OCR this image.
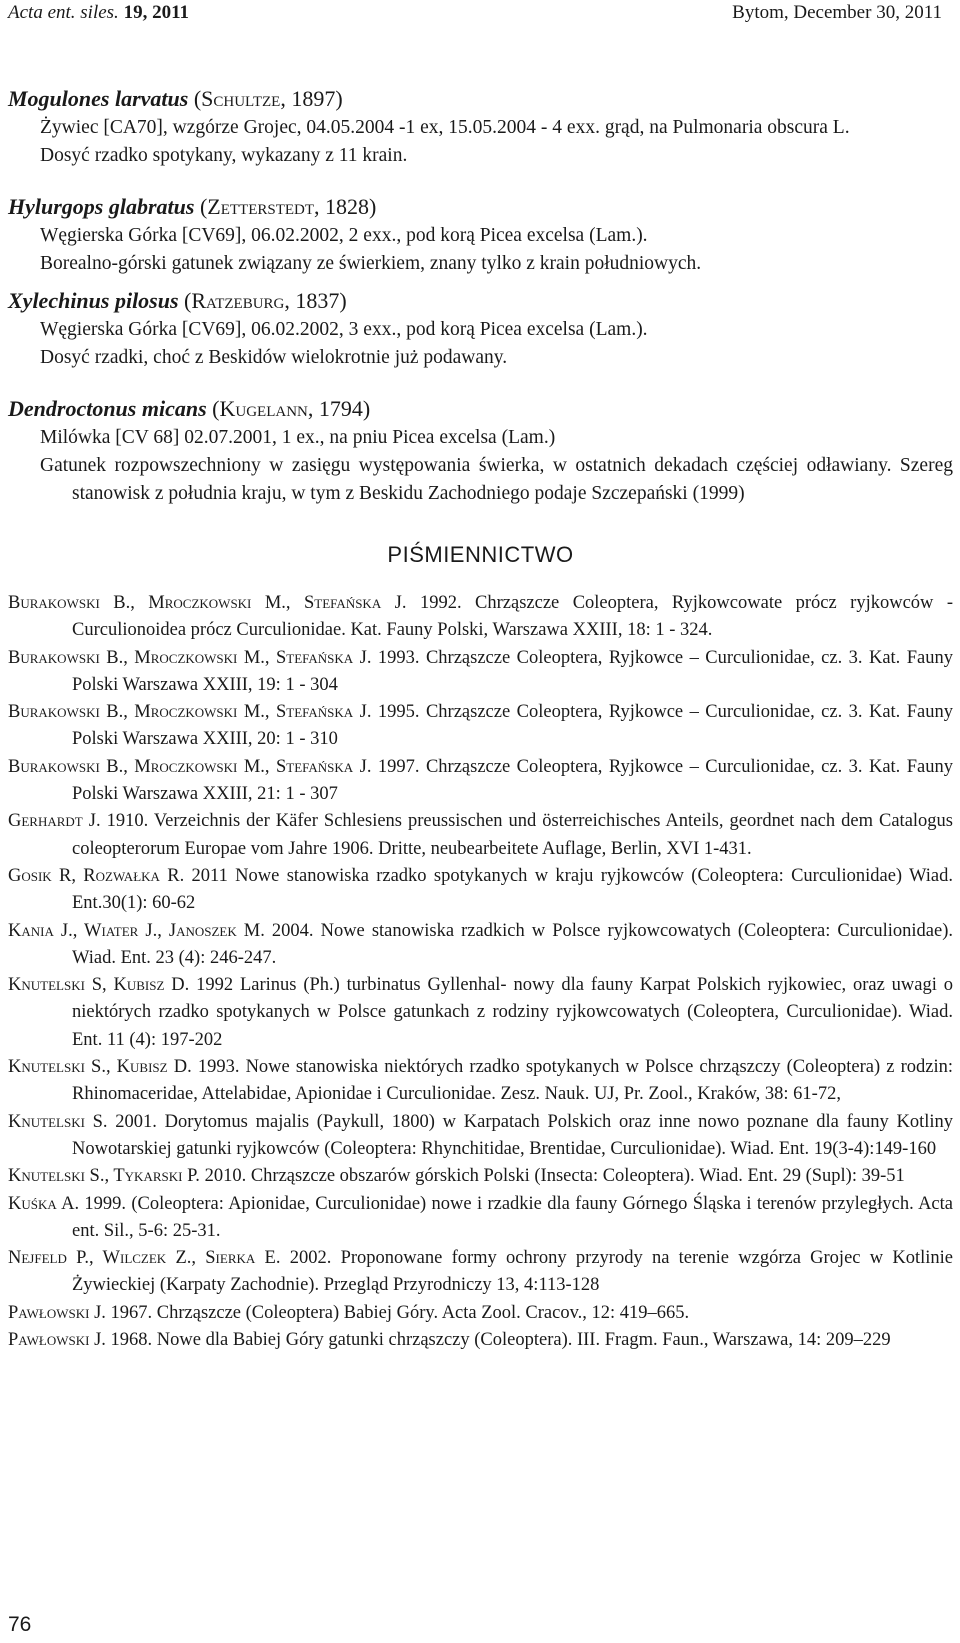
Acta ent. siles. 19, 2011	Bytom, December 30, 2011
Mogulones larvatus (Schultze, 1897)
Żywiec [CA70], wzgórze Grojec, 04.05.2004 -1 ex, 15.05.2004 - 4 exx. grąd, na Pulmonaria obscura L.
Dosyć rzadko spotykany, wykazany z 11 krain.
Hylurgops glabratus (Zetterstedt, 1828)
Węgierska Górka [CV69], 06.02.2002, 2 exx., pod korą Picea excelsa (Lam.).
Borealno-górski gatunek związany ze świerkiem, znany tylko z krain południowych.
Xylechinus pilosus (Ratzeburg, 1837)
Węgierska Górka [CV69], 06.02.2002, 3 exx., pod korą Picea excelsa (Lam.).
Dosyć rzadki, choć z Beskidów wielokrotnie już podawany.
Dendroctonus micans (Kugelann, 1794)
Milówka [CV 68] 02.07.2001, 1 ex., na pniu Picea excelsa (Lam.)
Gatunek rozpowszechniony w zasięgu występowania świerka, w ostatnich dekadach częściej odławiany. Szereg stanowisk z południa kraju, w tym z Beskidu Zachodniego podaje Szczepański (1999)
PIŚMIENNICTWO
Burakowski B., Mroczkowski M., Stefańska J. 1992. Chrząszcze Coleoptera, Ryjkowcowate prócz ryjkowców - Curculionoidea prócz Curculionidae. Kat. Fauny Polski, Warszawa XXIII, 18: 1 - 324.
Burakowski B., Mroczkowski M., Stefańska J. 1993. Chrząszcze Coleoptera, Ryjkowce – Curculionidae, cz. 3. Kat. Fauny Polski Warszawa XXIII, 19: 1 - 304
Burakowski B., Mroczkowski M., Stefańska J. 1995. Chrząszcze Coleoptera, Ryjkowce – Curculionidae, cz. 3. Kat. Fauny Polski Warszawa XXIII, 20: 1 - 310
Burakowski B., Mroczkowski M., Stefańska J. 1997. Chrząszcze Coleoptera, Ryjkowce – Curculionidae, cz. 3. Kat. Fauny Polski Warszawa XXIII, 21: 1 - 307
Gerhardt J. 1910. Verzeichnis der Käfer Schlesiens preussischen und österreichisches Anteils, geordnet nach dem Catalogus coleopterorum Europae vom Jahre 1906. Dritte, neubearbeitete Auflage, Berlin, XVI 1-431.
Gosik R, Rozwałka R. 2011 Nowe stanowiska rzadko spotykanych w kraju ryjkowców (Coleoptera: Curculionidae) Wiad. Ent.30(1): 60-62
Kania J., Wiater J., Janoszek M. 2004. Nowe stanowiska rzadkich w Polsce ryjkowcowatych (Coleoptera: Curculionidae). Wiad. Ent. 23 (4): 246-247.
Knutelski S, Kubisz D. 1992 Larinus (Ph.) turbinatus Gyllenhal- nowy dla fauny Karpat Polskich ryjkowiec, oraz uwagi o niektórych rzadko spotykanych w Polsce gatunkach z rodziny ryjkowcowatych (Coleoptera, Curculionidae). Wiad. Ent. 11 (4): 197-202
Knutelski S., Kubisz D. 1993. Nowe stanowiska niektórych rzadko spotykanych w Polsce chrząszczy (Coleoptera) z rodzin: Rhinomaceridae, Attelabidae, Apionidae i Curculionidae. Zesz. Nauk. UJ, Pr. Zool., Kraków, 38: 61-72,
Knutelski S. 2001. Dorytomus majalis (Paykull, 1800) w Karpatach Polskich oraz inne nowo poznane dla fauny Kotliny Nowotarskiej gatunki ryjkowców (Coleoptera: Rhynchitidae, Brentidae, Curculionidae). Wiad. Ent. 19(3-4):149-160
Knutelski S., Tykarski P. 2010. Chrząszcze obszarów górskich Polski (Insecta: Coleoptera). Wiad. Ent. 29 (Supl): 39-51
Kuśka A. 1999. (Coleoptera: Apionidae, Curculionidae) nowe i rzadkie dla fauny Górnego Śląska i terenów przyległych. Acta ent. Sil., 5-6: 25-31.
Nejfeld P., Wilczek Z., Sierka E. 2002. Proponowane formy ochrony przyrody na terenie wzgórza Grojec w Kotlinie Żywieckiej (Karpaty Zachodnie). Przegląd Przyrodniczy 13, 4:113-128
Pawłowski J. 1967. Chrząszcze (Coleoptera) Babiej Góry. Acta Zool. Cracov., 12: 419–665.
Pawłowski J. 1968. Nowe dla Babiej Góry gatunki chrząszczy (Coleoptera). III. Fragm. Faun., Warszawa, 14: 209–229
76
